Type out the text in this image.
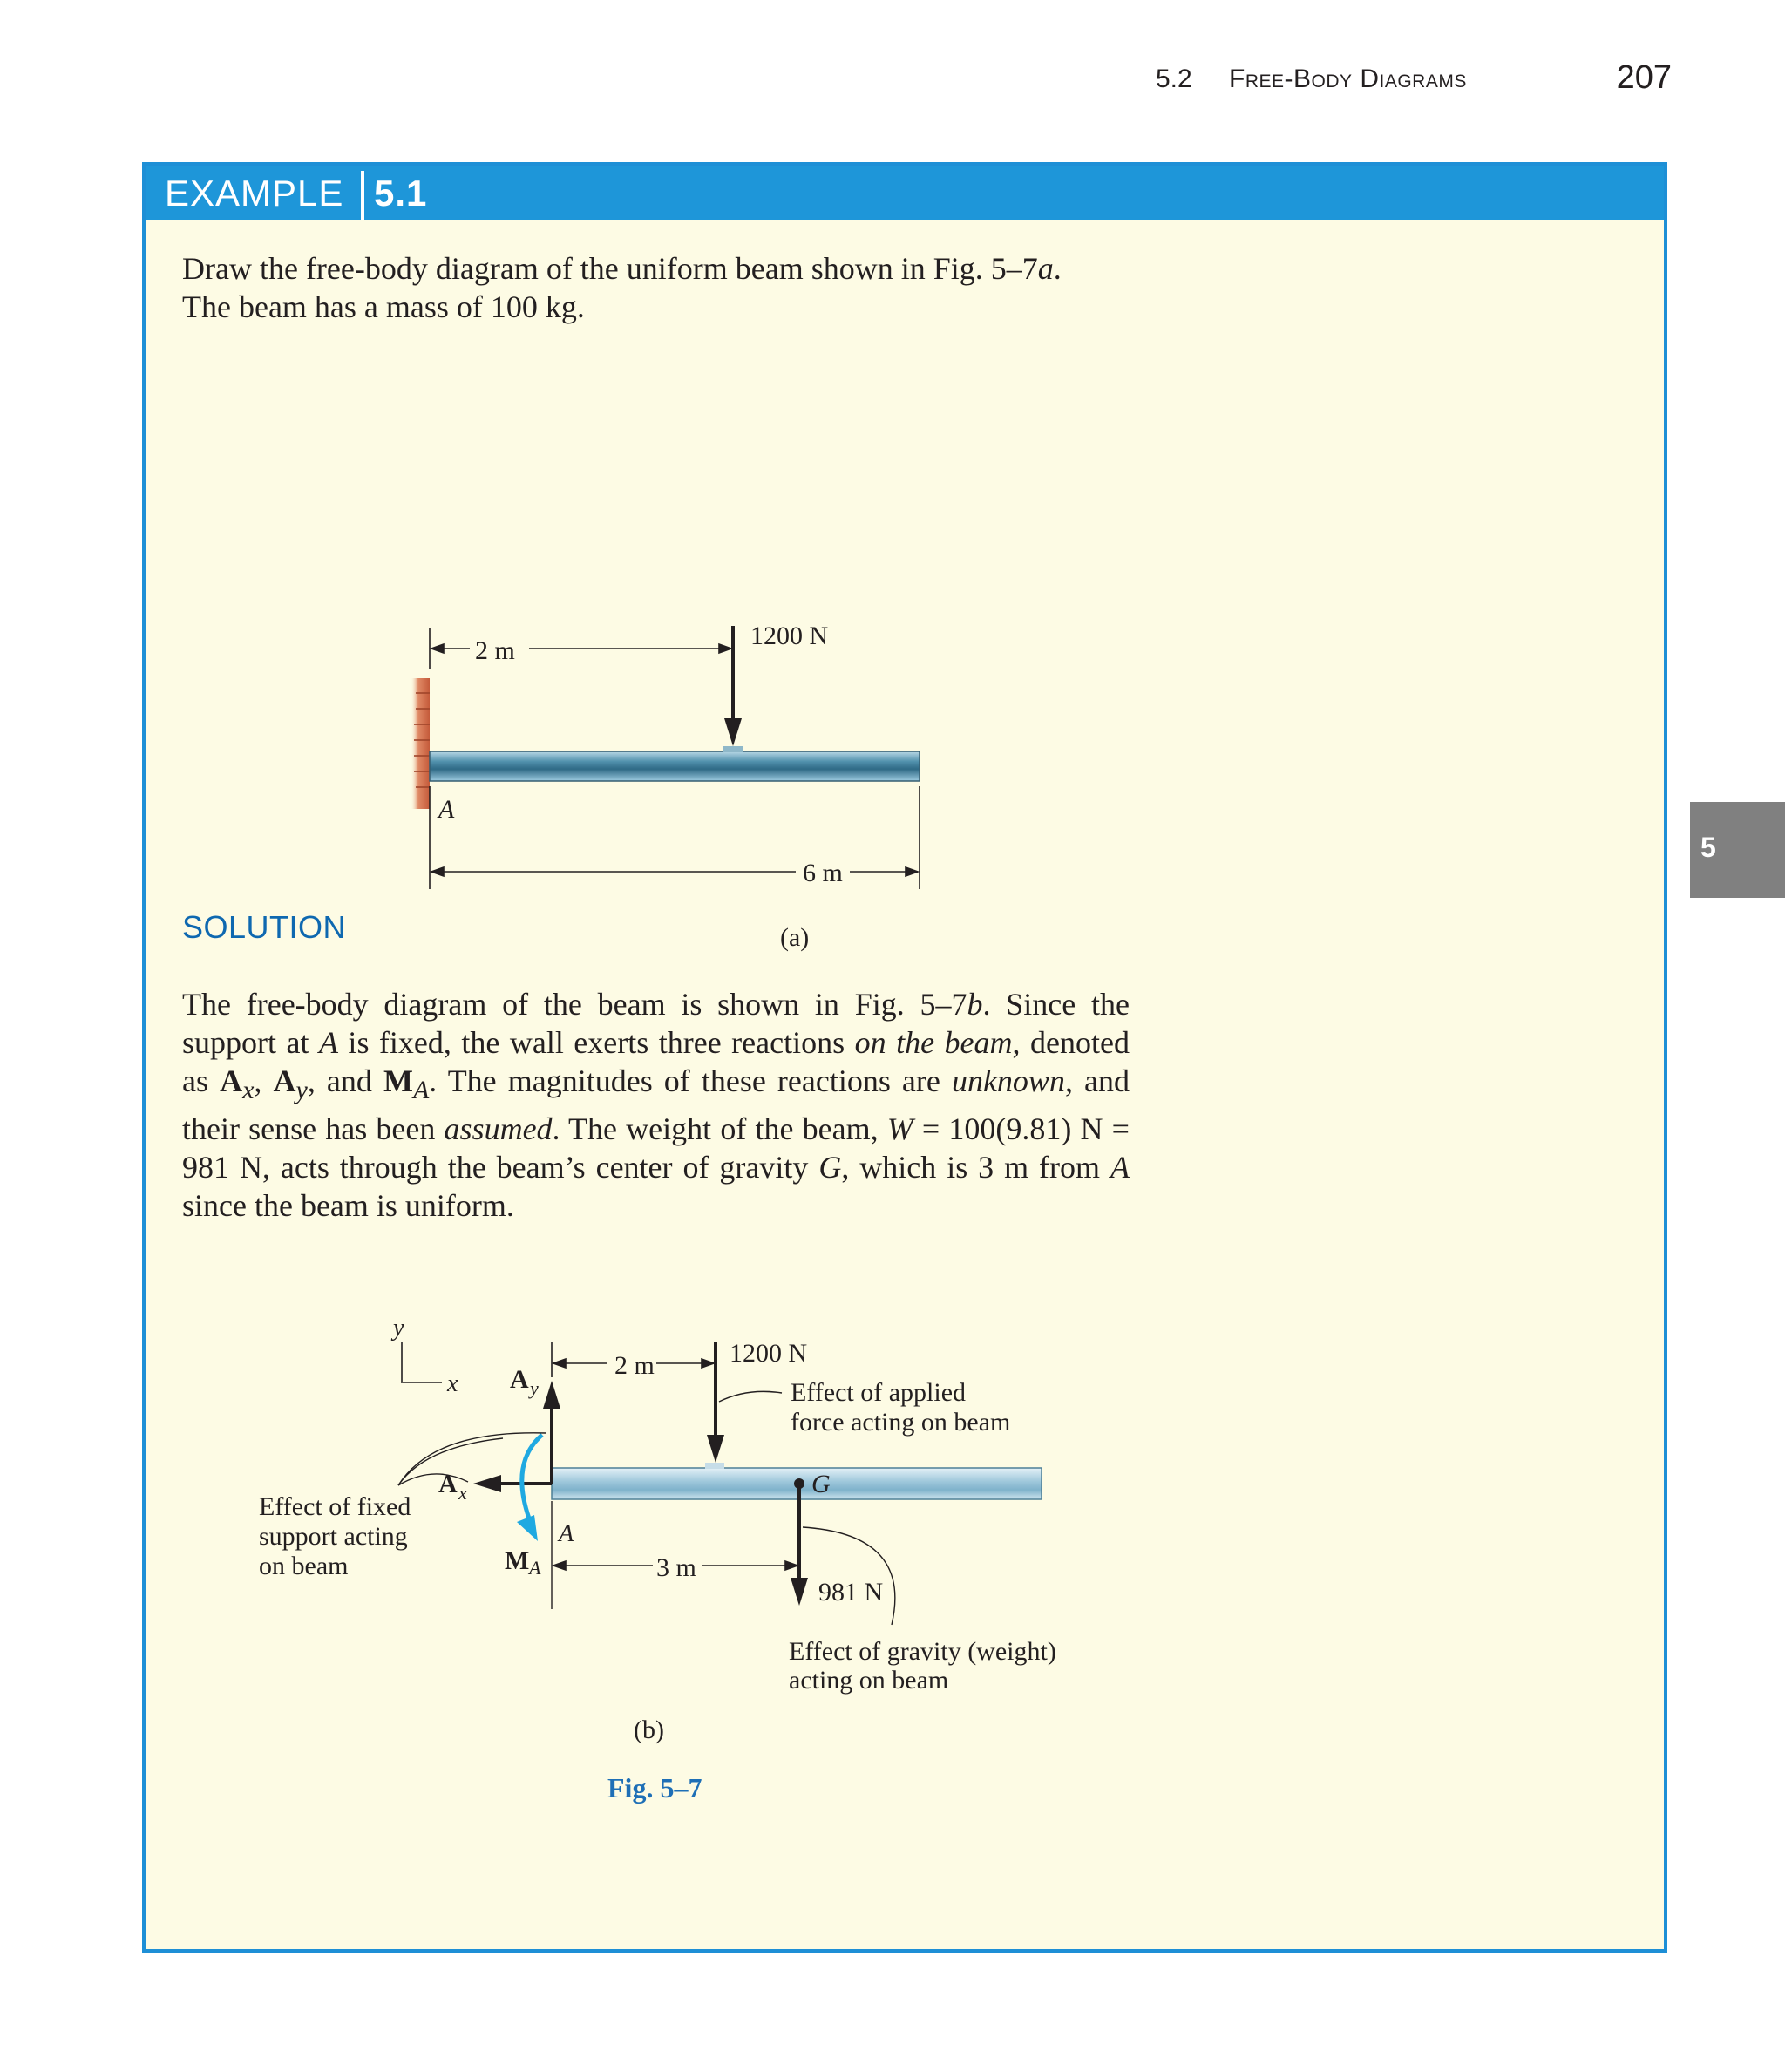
5.2 Free-Body Diagrams	207
5
EXAMPLE 5.1
Draw the free-body diagram of the uniform beam shown in Fig. 5–7a.
The beam has a mass of 100 kg.
2 m
1200 N
A
6 m
(a)
SOLUTION
The free-body diagram of the beam is shown in Fig. 5–7b. Since the support at A is fixed, the wall exerts three reactions on the beam, denoted as $A_x$, $A_y$, and $M_A$. The magnitudes of these reactions are unknown, and their sense has been assumed. The weight of the beam, W = 100(9.81) N = 981 N, acts through the beam’s center of gravity G, which is 3 m from A since the beam is uniform.
y
x A y
A x
M A
A
2 m	1200 N
Effect of applied
force acting on beam
G
981 N
3 m
Effect of gravity (weight)
acting on beam
Effect of fixed
support acting
on beam
(b)
Fig. 5–7
